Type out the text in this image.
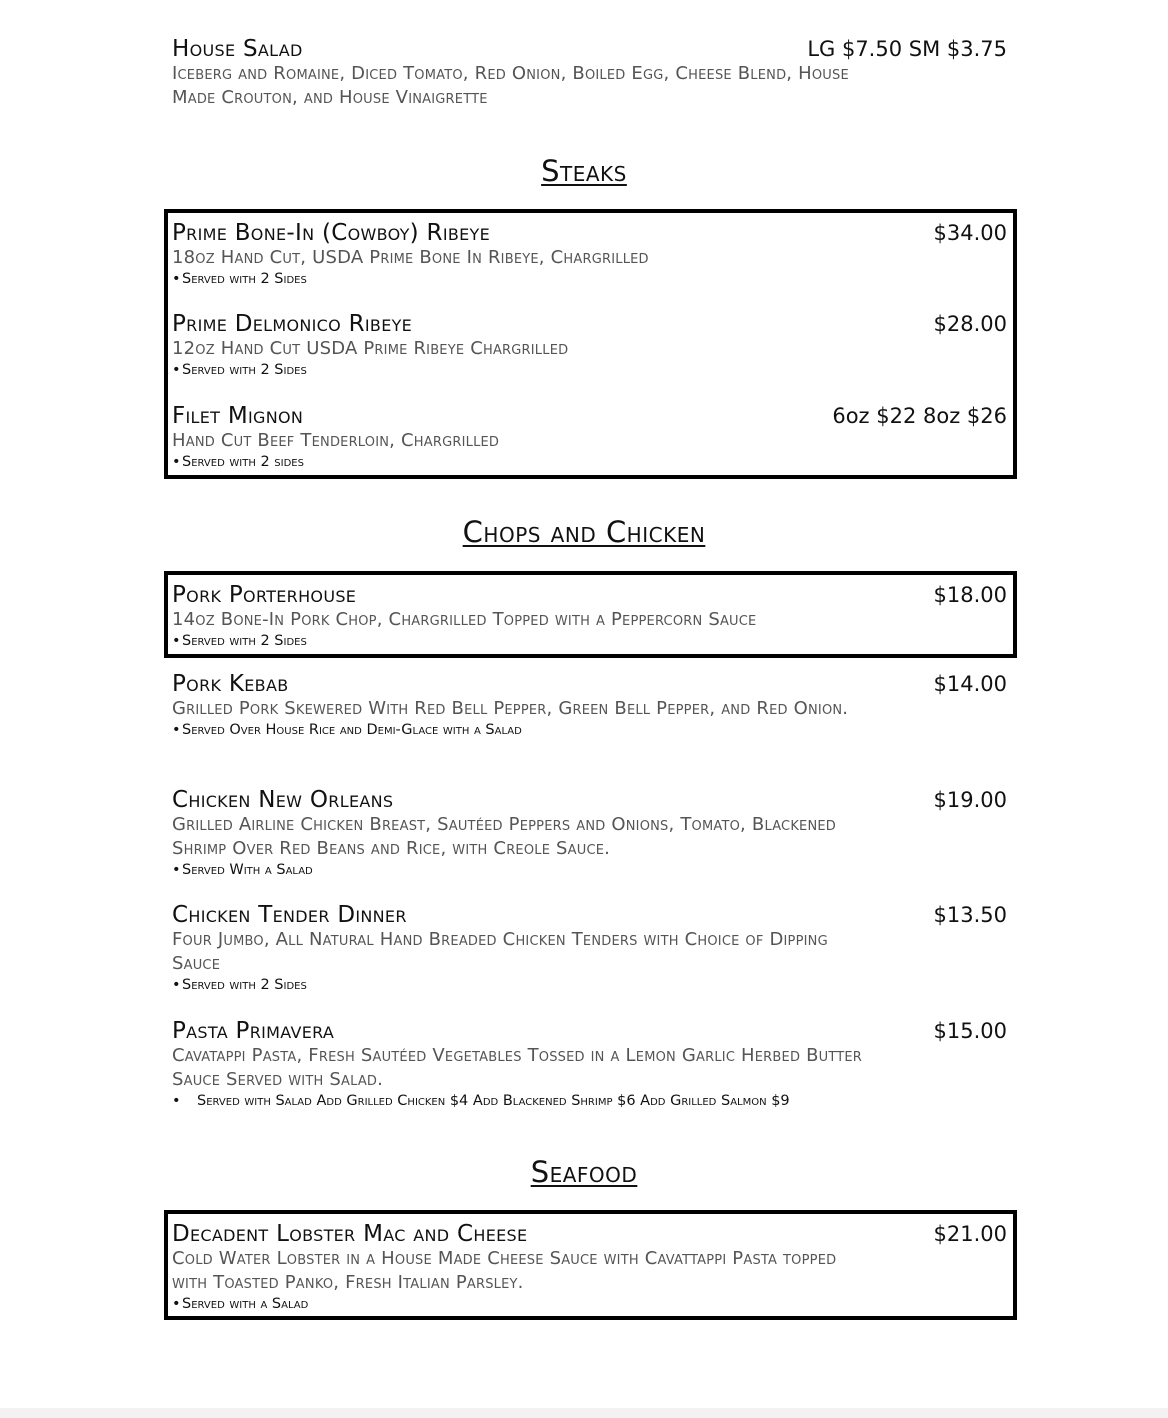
House Salad	LG $7.50 SM $3.75
Iceberg and Romaine, Diced Tomato, Red Onion, Boiled Egg, Cheese Blend, House Made Crouton, and House Vinaigrette
Steaks
Prime Bone-In (Cowboy) Ribeye	$34.00
18oz Hand Cut, USDA Prime Bone In Ribeye, Chargrilled
•Served with 2 Sides
Prime Delmonico Ribeye	$28.00
12oz Hand Cut USDA Prime Ribeye Chargrilled
•Served with 2 Sides
Filet Mignon	6oz $22 8oz $26
Hand Cut Beef Tenderloin, Chargrilled
•Served with 2 sides
Chops and Chicken
Pork Porterhouse	$18.00
14oz Bone-In Pork Chop, Chargrilled Topped with a Peppercorn Sauce
•Served with 2 Sides
Pork Kebab	$14.00
Grilled Pork Skewered With Red Bell Pepper, Green Bell Pepper, and Red Onion.
•Served Over House Rice and Demi-Glace with a Salad
Chicken New Orleans	$19.00
Grilled Airline Chicken Breast, Sautéed Peppers and Onions, Tomato, Blackened Shrimp Over Red Beans and Rice, with Creole Sauce.
•Served With a Salad
Chicken Tender Dinner	$13.50
Four Jumbo, All Natural Hand Breaded Chicken Tenders with Choice of Dipping Sauce
•Served with 2 Sides
Pasta Primavera	$15.00
Cavatappi Pasta, Fresh Sautéed Vegetables Tossed in a Lemon Garlic Herbed Butter Sauce Served with Salad.
• Served with Salad Add Grilled Chicken $4 Add Blackened Shrimp $6 Add Grilled Salmon $9
Seafood
Decadent Lobster Mac and Cheese	$21.00
Cold Water Lobster in a House Made Cheese Sauce with Cavattappi Pasta topped with Toasted Panko, Fresh Italian Parsley.
•Served with a Salad
